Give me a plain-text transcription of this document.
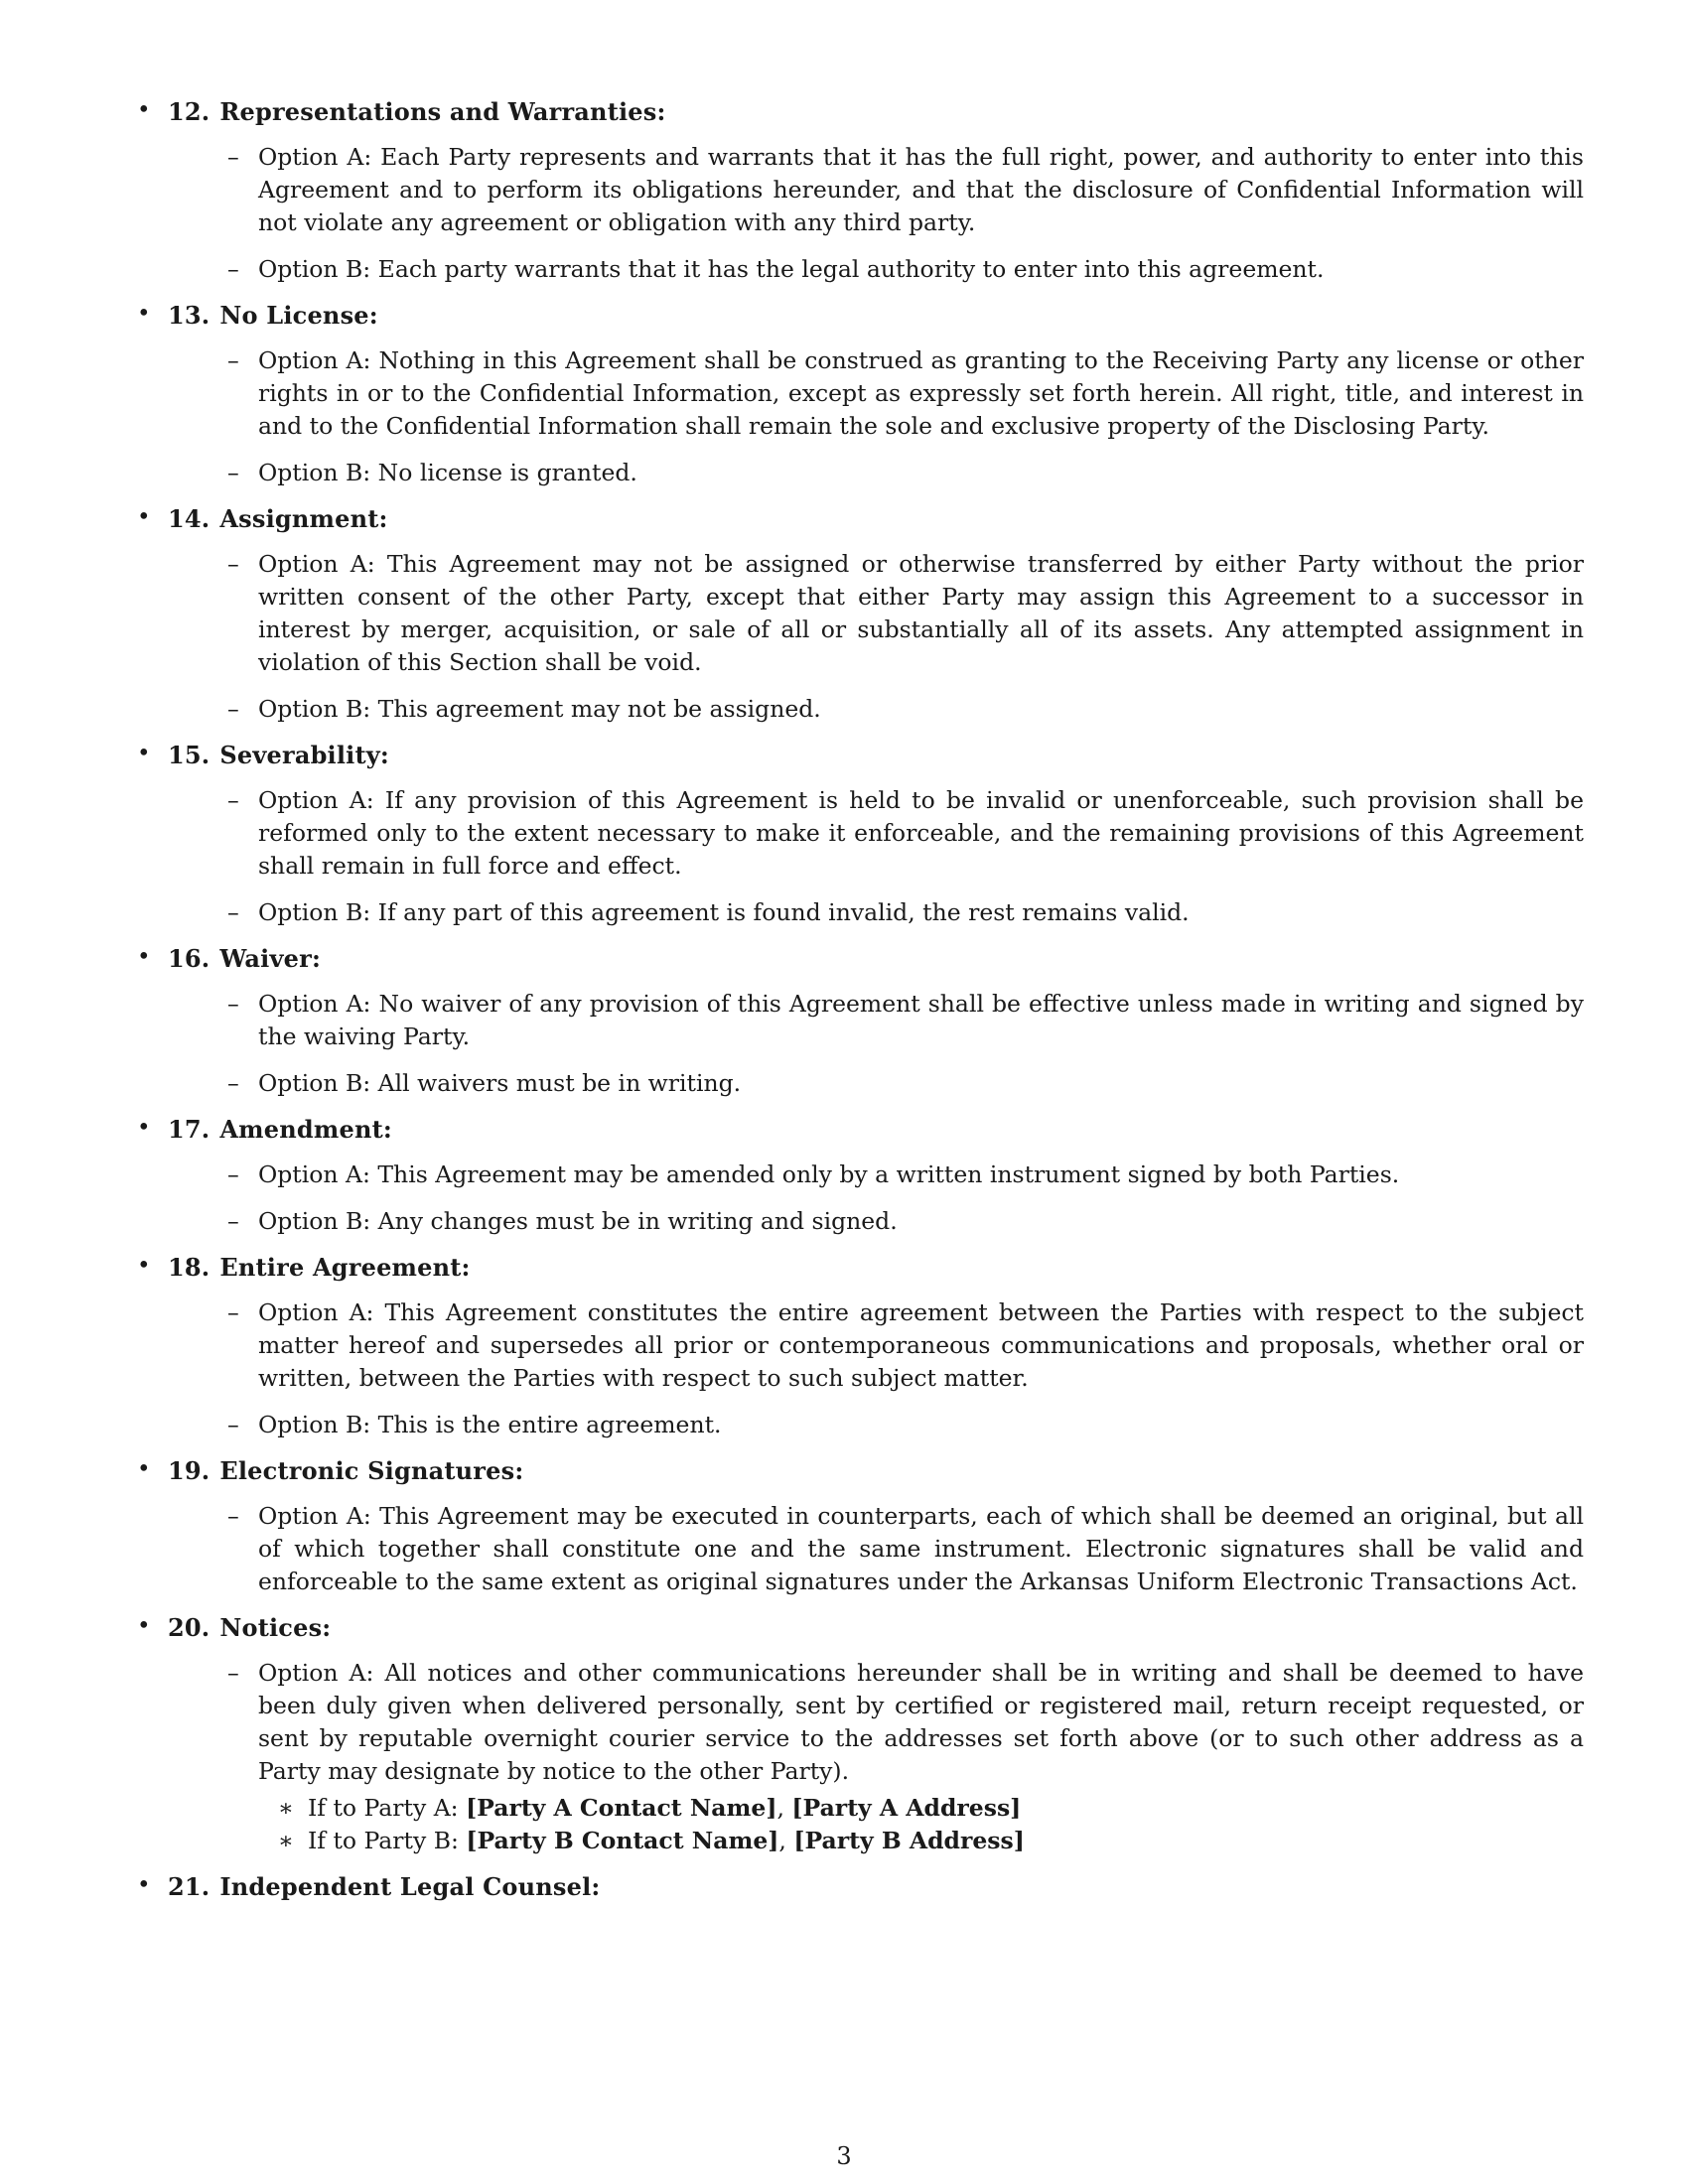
• 12. Representations and Warranties:
– Option A: Each Party represents and warrants that it has the full right, power, and authority to enter into this Agreement and to perform its obligations hereunder, and that the disclosure of Confidential Information will not violate any agreement or obligation with any third party.
– Option B: Each party warrants that it has the legal authority to enter into this agreement.
• 13. No License:
– Option A: Nothing in this Agreement shall be construed as granting to the Receiving Party any license or other rights in or to the Confidential Information, except as expressly set forth herein. All right, title, and interest in and to the Confidential Information shall remain the sole and exclusive property of the Disclosing Party.
– Option B: No license is granted.
• 14. Assignment:
– Option A: This Agreement may not be assigned or otherwise transferred by either Party without the prior written consent of the other Party, except that either Party may assign this Agreement to a successor in interest by merger, acquisition, or sale of all or substantially all of its assets. Any attempted assignment in violation of this Section shall be void.
– Option B: This agreement may not be assigned.
• 15. Severability:
– Option A: If any provision of this Agreement is held to be invalid or unenforceable, such provision shall be reformed only to the extent necessary to make it enforceable, and the remaining provisions of this Agreement shall remain in full force and effect.
– Option B: If any part of this agreement is found invalid, the rest remains valid.
• 16. Waiver:
– Option A: No waiver of any provision of this Agreement shall be effective unless made in writing and signed by the waiving Party.
– Option B: All waivers must be in writing.
• 17. Amendment:
– Option A: This Agreement may be amended only by a written instrument signed by both Parties.
– Option B: Any changes must be in writing and signed.
• 18. Entire Agreement:
– Option A: This Agreement constitutes the entire agreement between the Parties with respect to the subject matter hereof and supersedes all prior or contemporaneous communications and proposals, whether oral or written, between the Parties with respect to such subject matter.
– Option B: This is the entire agreement.
• 19. Electronic Signatures:
– Option A: This Agreement may be executed in counterparts, each of which shall be deemed an original, but all of which together shall constitute one and the same instrument. Electronic signatures shall be valid and enforceable to the same extent as original signatures under the Arkansas Uniform Electronic Transactions Act.
• 20. Notices:
– Option A: All notices and other communications hereunder shall be in writing and shall be deemed to have been duly given when delivered personally, sent by certified or registered mail, return receipt requested, or sent by reputable overnight courier service to the addresses set forth above (or to such other address as a Party may designate by notice to the other Party).
∗ If to Party A: [Party A Contact Name], [Party A Address]
∗ If to Party B: [Party B Contact Name], [Party B Address]
• 21. Independent Legal Counsel:
3
